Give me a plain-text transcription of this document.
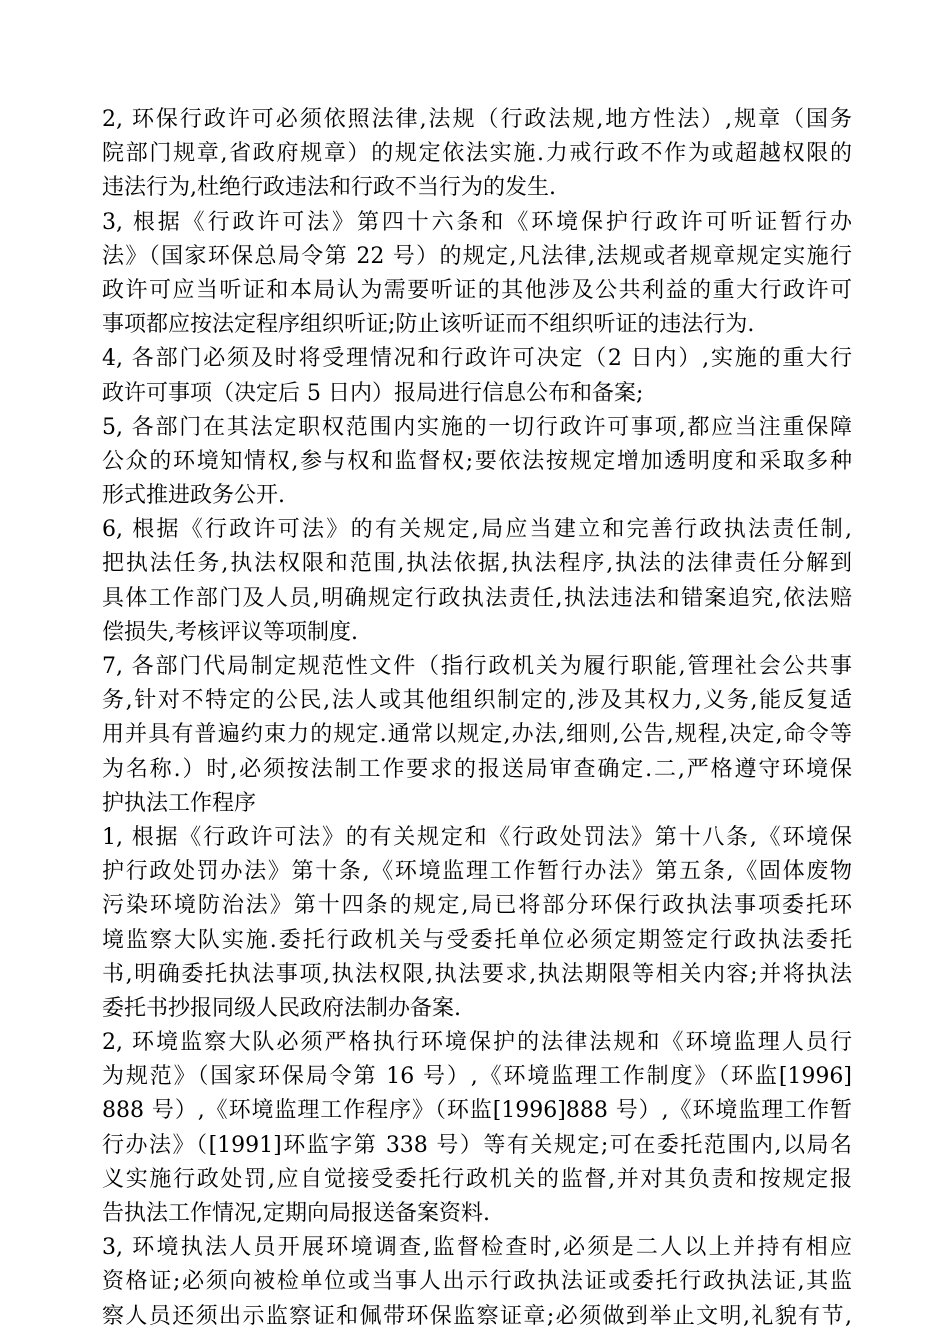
2, 环保行政许可必须依照法律,法规（行政法规,地方性法）,规章（国务
院部门规章,省政府规章）的规定依法实施.力戒行政不作为或超越权限的
违法行为,杜绝行政违法和行政不当行为的发生.
3, 根据《行政许可法》第四十六条和《环境保护行政许可听证暂行办
法》（国家环保总局令第 22 号）的规定,凡法律,法规或者规章规定实施行
政许可应当听证和本局认为需要听证的其他涉及公共利益的重大行政许可
事项都应按法定程序组织听证;防止该听证而不组织听证的违法行为.
4, 各部门必须及时将受理情况和行政许可决定（2 日内）,实施的重大行
政许可事项（决定后 5 日内）报局进行信息公布和备案;
5, 各部门在其法定职权范围内实施的一切行政许可事项,都应当注重保障
公众的环境知情权,参与权和监督权;要依法按规定增加透明度和采取多种
形式推进政务公开.
6, 根据《行政许可法》的有关规定,局应当建立和完善行政执法责任制,
把执法任务,执法权限和范围,执法依据,执法程序,执法的法律责任分解到
具体工作部门及人员,明确规定行政执法责任,执法违法和错案追究,依法赔
偿损失,考核评议等项制度.
7, 各部门代局制定规范性文件（指行政机关为履行职能,管理社会公共事
务,针对不特定的公民,法人或其他组织制定的,涉及其权力,义务,能反复适
用并具有普遍约束力的规定.通常以规定,办法,细则,公告,规程,决定,命令等
为名称.）时,必须按法制工作要求的报送局审查确定.二,严格遵守环境保
护执法工作程序
1, 根据《行政许可法》的有关规定和《行政处罚法》第十八条,《环境保
护行政处罚办法》第十条,《环境监理工作暂行办法》第五条,《固体废物
污染环境防治法》第十四条的规定,局已将部分环保行政执法事项委托环
境监察大队实施.委托行政机关与受委托单位必须定期签定行政执法委托
书,明确委托执法事项,执法权限,执法要求,执法期限等相关内容;并将执法
委托书抄报同级人民政府法制办备案.
2, 环境监察大队必须严格执行环境保护的法律法规和《环境监理人员行
为规范》（国家环保局令第 16 号）,《环境监理工作制度》（环监[1996]
888 号）,《环境监理工作程序》（环监[1996]888 号）,《环境监理工作暂
行办法》（[1991]环监字第 338 号）等有关规定;可在委托范围内,以局名
义实施行政处罚,应自觉接受委托行政机关的监督,并对其负责和按规定报
告执法工作情况,定期向局报送备案资料.
3, 环境执法人员开展环境调查,监督检查时,必须是二人以上并持有相应
资格证;必须向被检单位或当事人出示行政执法证或委托行政执法证,其监
察人员还须出示监察证和佩带环保监察证章;必须做到举止文明,礼貌有节,
